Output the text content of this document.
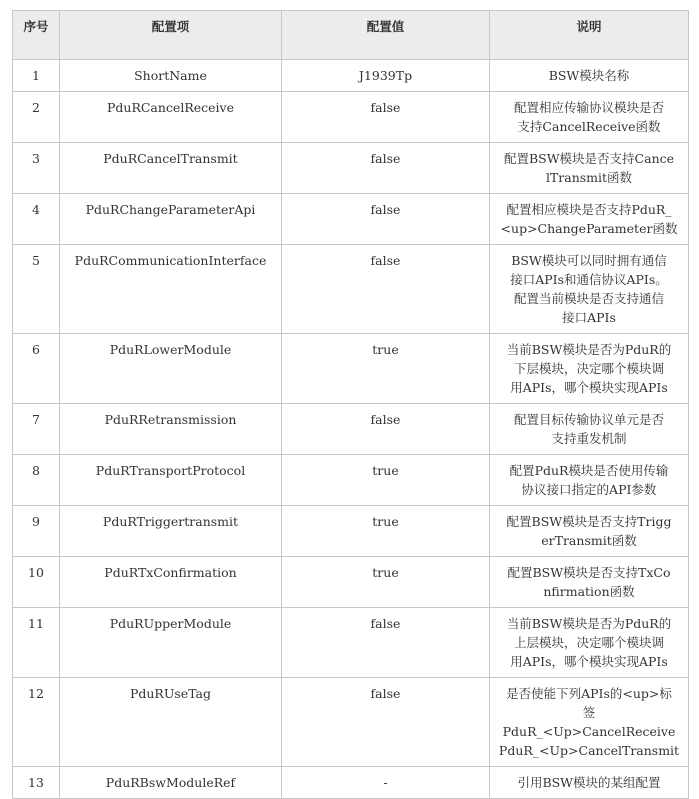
序号	配置项	配置值	说明
1	ShortName	J1939Tp	BSW模块名称

2	PduRCancelReceive	false	配置相应传输协议模块是否
支持CancelReceive函数

3	PduRCancelTransmit	false	配置BSW模块是否支持Cance
lTransmit函数

4	PduRChangeParameterApi	false	配置相应模块是否支持PduR_
<up>ChangeParameter函数

5	PduRCommunicationInterface	false	BSW模块可以同时拥有通信
接口APIs和通信协议APIs。
配置当前模块是否支持通信
接口APIs

6	PduRLowerModule	true	当前BSW模块是否为PduR的
下层模块，决定哪个模块调
用APIs，哪个模块实现APIs

7	PduRRetransmission	false	配置目标传输协议单元是否
支持重发机制

8	PduRTransportProtocol	true	配置PduR模块是否使用传输
协议接口指定的API参数

9	PduRTriggertransmit	true	配置BSW模块是否支持Trigg
erTransmit函数

10	PduRTxConfirmation	true	配置BSW模块是否支持TxCo
nfirmation函数

11	PduRUpperModule	false	当前BSW模块是否为PduR的
上层模块，决定哪个模块调
用APIs，哪个模块实现APIs

12	PduRUseTag	false	是否使能下列APIs的<up>标
签
PduR_<Up>CancelReceive
PduR_<Up>CancelTransmit

13	PduRBswModuleRef	-	引用BSW模块的某组配置
